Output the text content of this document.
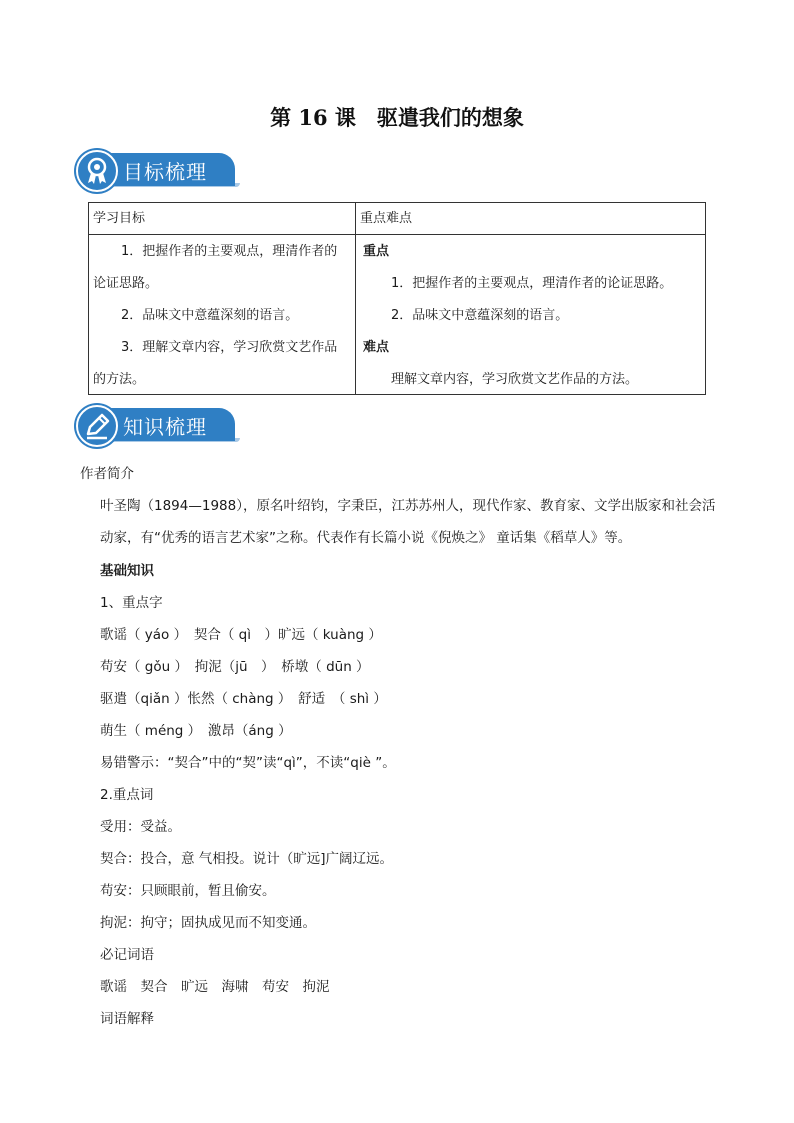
第 16 课　驱遣我们的想象
目标梳理
学习目标	重点难点
1．把握作者的主要观点，理清作者的
论证思路。
2．品味文中意蕴深刻的语言。
3．理解文章内容，学习欣赏文艺作品
的方法。
重点
1．把握作者的主要观点，理清作者的论证思路。
2．品味文中意蕴深刻的语言。
难点
理解文章内容，学习欣赏文艺作品的方法。
知识梳理
作者简介
叶圣陶（1894—1988），原名叶绍钧，字秉臣，江苏苏州人，现代作家、教育家、文学出版家和社会活
动家，有“优秀的语言艺术家”之称。代表作有长篇小说《倪焕之》 童话集《稻草人》等。
基础知识
1、重点字
歌谣（ yáo ）　契合（ qì　）旷远（ kuàng ）
苟安（ gǒu ）　拘泥（jū　）　桥墩（ dūn ）
驱遣（qiǎn ）怅然（ chàng ）　舒适　（ shì ）
萌生（ méng ）　激昂（áng ）
易错警示：“契合”中的“契”读“qì”，不读“qiè ”。
2.重点词
受用：受益。
契合：投合，意 气相投。说计（旷远]广阔辽远。
苟安：只顾眼前，暂且偷安。
拘泥：拘守；固执成见而不知变通。
必记词语
歌谣　契合　旷远　海啸　苟安　拘泥
词语解释
